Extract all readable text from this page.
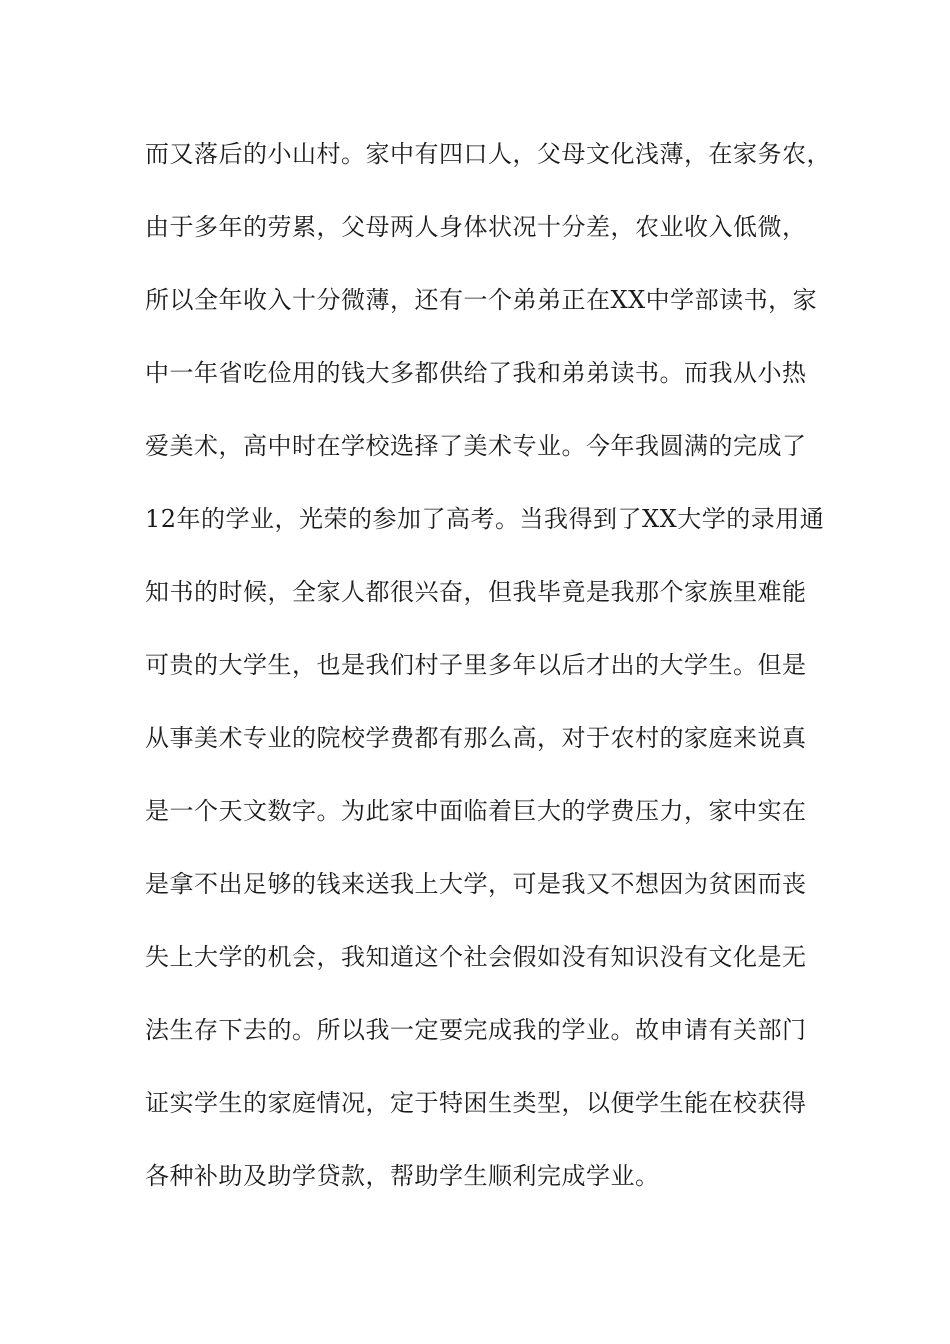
而又落后的小山村。家中有四口人，父母文化浅薄，在家务农，
由于多年的劳累，父母两人身体状况十分差，农业收入低微，
所以全年收入十分微薄，还有一个弟弟正在XX中学部读书，家
中一年省吃俭用的钱大多都供给了我和弟弟读书。而我从小热
爱美术，高中时在学校选择了美术专业。今年我圆满的完成了
12年的学业，光荣的参加了高考。当我得到了XX大学的录用通
知书的时候，全家人都很兴奋，但我毕竟是我那个家族里难能
可贵的大学生，也是我们村子里多年以后才出的大学生。但是
从事美术专业的院校学费都有那么高，对于农村的家庭来说真
是一个天文数字。为此家中面临着巨大的学费压力，家中实在
是拿不出足够的钱来送我上大学，可是我又不想因为贫困而丧
失上大学的机会，我知道这个社会假如没有知识没有文化是无
法生存下去的。所以我一定要完成我的学业。故申请有关部门
证实学生的家庭情况，定于特困生类型，以便学生能在校获得
各种补助及助学贷款，帮助学生顺利完成学业。
